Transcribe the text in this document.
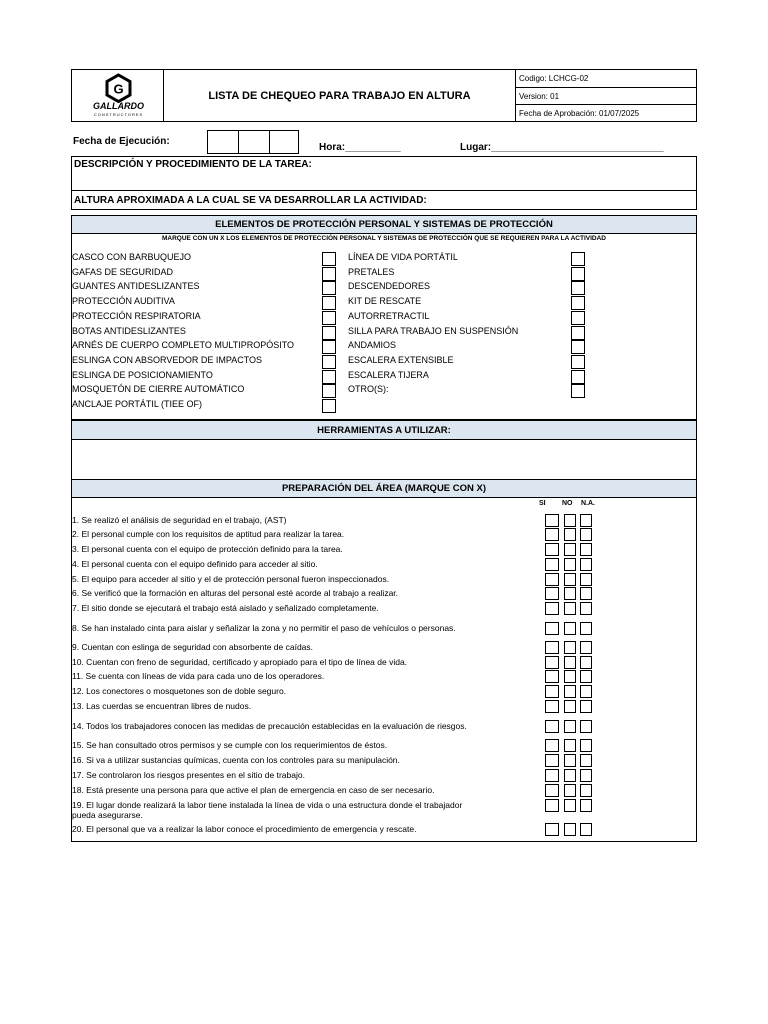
G
GALLARDO
CONSTRUCTORES
LISTA DE CHEQUEO PARA TRABAJO EN ALTURA
Codigo: LCHCG-02
Version: 01
Fecha de Aprobación: 01/07/2025
Fecha de Ejecución:
Hora:__________	Lugar:_______________________________
DESCRIPCIÓN Y PROCEDIMIENTO DE LA TAREA:
ALTURA APROXIMADA A LA CUAL SE VA DESARROLLAR LA ACTIVIDAD:
ELEMENTOS DE PROTECCIÓN PERSONAL Y SISTEMAS DE PROTECCIÓN
MARQUE CON UN X LOS ELEMENTOS DE PROTECCIÓN PERSONAL Y SISTEMAS DE PROTECCIÓN QUE SE REQUIEREN PARA LA ACTIVIDAD
CASCO CON BARBUQUEJO
GAFAS DE SEGURIDAD
GUANTES ANTIDESLIZANTES
PROTECCIÓN AUDITIVA
PROTECCIÓN RESPIRATORIA
BOTAS ANTIDESLIZANTES
ARNÉS DE CUERPO COMPLETO MULTIPROPÓSITO
ESLINGA CON ABSORVEDOR DE IMPACTOS
ESLINGA DE POSICIONAMIENTO
MOSQUETÓN DE CIERRE AUTOMÁTICO
ANCLAJE PORTÁTIL (TIEE OF)
LÍNEA DE VIDA PORTÁTIL
PRETALES
DESCENDEDORES
KIT DE RESCATE
AUTORRETRACTIL
SILLA PARA TRABAJO EN SUSPENSIÓN
ANDAMIOS
ESCALERA EXTENSIBLE
ESCALERA TIJERA
OTRO(S):
HERRAMIENTAS A UTILIZAR:
PREPARACIÓN DEL ÁREA (MARQUE CON X)
SI NO N.A.
1. Se realizó el análisis de seguridad en el trabajo, (AST)
2. El personal cumple con los requisitos de aptitud para realizar la tarea.
3. El personal cuenta con el equipo de protección definido para la tarea.
4. El personal cuenta con el equipo definido para acceder al sitio.
5. El equipo para acceder al sitio y el de protección personal fueron inspeccionados.
6. Se verificó que la formación en alturas del personal esté acorde al trabajo a realizar.
7. El sitio donde se ejecutará el trabajo está aislado y señalizado completamente.
8. Se han instalado cinta para aislar y señalizar la zona y no permitir el paso de vehículos o personas.
9. Cuentan con eslinga de seguridad con absorbente de caídas.
10. Cuentan con freno de seguridad, certificado y apropiado para el tipo de línea de vida.
11. Se cuenta con líneas de vida para cada uno de los operadores.
12. Los conectores o mosquetones son de doble seguro.
13. Las cuerdas se encuentran libres de nudos.
14. Todos los trabajadores conocen las medidas de precaución establecidas en la evaluación de riesgos.
15. Se han consultado otros permisos y se cumple con los requerimientos de éstos.
16. Si va a utilizar sustancias químicas, cuenta con los controles para su manipulación.
17. Se controlaron los riesgos presentes en el sitio de trabajo.
18. Está presente una persona para que active el plan de emergencia en caso de ser necesario.
19. El lugar donde realizará la labor tiene instalada la línea de vida o una estructura donde el trabajador
20. El personal que va a realizar la labor conoce el procedimiento de emergencia y rescate.
pueda asegurarse.
